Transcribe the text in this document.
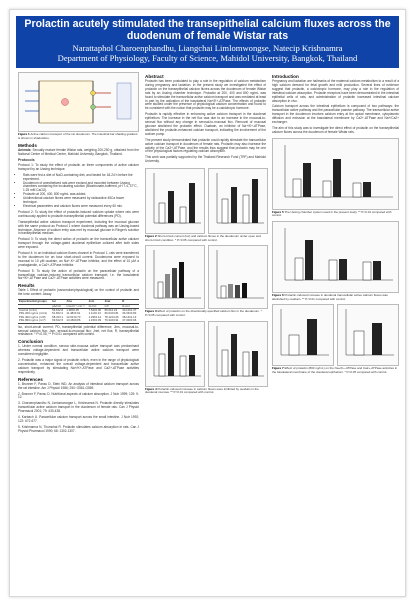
Prolactin acutely stimulated the transepithelial calcium fluxes across the duodenum of female Wistar rats
Narattaphol Charoenphandhu, Liangchai Limlomwongse, Natecip Krishnamra
Department of Physiology, Faculty of Science, Mahidol University, Bangkok, Thailand
Figure 1 Active calcium transport of the rat duodenum. The intestinal bar shading gradient is shown in shadowbox.
Methods

Animals: Sexually mature female Wistar rats, weighing 200-250 g, obtained from the National Center of Medical Centre, Mahidol University, Bangkok, Thailand.

Protocols

Protocol 1: To study the effect of prolactin on three components of active calcium transport by an Ussing technique.

• Rats were fed a diet of NaCl-containing diet, and fasted for 18-24 h before the experiment.
• Duodenum of anesthetized rats were excised and mounted between Ussing chambers containing the incubating solution (Bicarbonate-buffered, pH 7.4, 37°C, 1.25 mM CaCl2).
• Prolactin at 200, 400, 800 ng/mL was added.
• Unidirectional calcium fluxes were measured by radioactive 45Ca tracer technique.
• Electrical parameters and calcium fluxes were measured every 60 min.

Protocol 2: To study the effect of prolactin-induced calcium uptake where rats were continuously applied to prolactin transepithelial potential differences (PD).

Transepithelial active calcium transport experiment, including the mucosal glucose with the same protocol as Protocol 1 where duodenal pathway was an Ussing-based technique. Absence of sodium entry was met by mucosal glucose in Ringer's solution in transepithelial medium.

Protocol 3: To study the direct action of prolactin on the transcellular active calcium transport through the voltage-gated duodenal epithelium cultured after both sides were exposed.

Protocol 4: In an individual calcium fluxes channel in Protocol 1, rats were transferred to the duodenum for an hour short-circuit current. Duodenums were exposed to mucosal to 10 μM ouabain, an Na+-K+-ATPase inhibitor, and the effect of 10 μM a prostaglandin, a Ca2+-ATPase inhibitor.

Protocol 5: To study the action of prolactin on the paracellular pathway of a transcellular calcium-induced transcellular calcium transport, i.e. the basolateral Na+/K+-ATPase and Ca2+-ATPase activities were measured.

Results

Table 1 Effect of prolactin (nanomolar/physiological) on the control of prolactin and the ionic content. Assay

Experimental groups	Isc	Jms	Jsm	Jnet	R
	μA/cm²	nmol·h⁻¹·cm⁻²	Ω·cm²	mV	Ω·cm²
Control (n=11)	56.6±2.8	1.08±0.05	7.54±0.06	66.6±4.23	30.10±1.37
PRL 200 ng/mL (n=11)	51.8±2.2	11.48±0.61	1.11±0.13	66.64±3.81	36.34±0.83
PRL 400 ng/mL (n=8)	68.4±3.1	12.91±0.73	1.29±0.12	78.12±4.26	38.14±1.13
PRL 800 ng/mL (n=7)	69.6±2.5	13.48±0.86	1.15±0.09	79.34±3.91	37.30±0.96

Isc, short-circuit current; PD, transepithelial potential difference; Jms, mucosal-to-serosal calcium flux; Jsm, serosal-to-mucosal flux; Jnet, net flux; R, transepithelial resistance. * P<0.05, ** P<0.01 compared with control.

Conclusion

1. Under normal condition, serosa side-mucosa active transport was predominant whereas voltage-dependent and transcellular active calcium transport were considered negligible.

2. Prolactin was a major signal of prolactin which, even in the range of physiological concentration, enhanced the overall voltage-dependent and transcellular active calcium transport by stimulating Na+/K+-ATPase and Ca2+-ATPase activities respectively.

References

1. Bronner F, Pansu D, Stein WD. An analysis of intestinal calcium transport across the rat intestine. Am J Physiol 1986; 250: G561-G569.

2. Bronner F, Pansu D. Nutritional aspects of calcium absorption. J Nutr 1999; 129: 9-12.

3. Charoenphandhu N, Limlomwongse L, Krishnamra N. Prolactin directly stimulates transcellular active calcium transport in the duodenum of female rats. Can J Physiol Pharmacol 2001; 79: 430-438.

4. Karbach U. Paracellular calcium transport across the small intestine. J Nutr 1992; 122: 672-677.

5. Krishnamra N, Thumchai R. Prolactin stimulates calcium absorption in rats. Can J Physiol Pharmacol 1990; 68: 1302-1307.

Abstract

Prolactin has been postulated to play a role in the regulation of calcium metabolism during pregnancy and lactation. In the present study we investigated the effect of prolactin on the transepithelial calcium fluxes across the duodenum of female Wistar rats by an Ussing chamber technique. Prolactin at 200, 400 and 800 ng/mL was found to stimulate the transcellular active calcium transport and was mediated at least in part by the activation of the basolateral Na+/K+-ATPase. The effects of prolactin were studied under the presence of physiological calcium concentration and found to be consistent with the notion that prolactin may be a calciotropic hormone.

Prolactin is rapidly effective in enhancing active calcium transport in the duodenal epithelium. The increase in the net flux was due to an increase in the mucosal-to-serosal flux without any change in serosal-to-mucosal flux. Removal of mucosal glucose abolished the prolactin effect. Ouabain, an inhibitor of Na+/K+-ATPase, abolished the prolactin-enhanced calcium transport, indicating the involvement of the sodium pump.

The present study demonstrated that prolactin could rapidly stimulate the transcellular active calcium transport in duodenum of female rats. Prolactin may also increase the activity of the Ca2+-ATPase, and the results thus suggest that prolactin may be one of the physiological factors regulating calcium absorption.

This work was partially supported by the Thailand Research Fund (TRF) and Mahidol University.

Figure 2 Short-circuit current (Isc) and calcium fluxes in the duodenum under open and short-circuit condition. * P<0.05 compared with control.
Figure 3 Effect of prolactin on the directionally-specified calcium flux in the duodenum. * P<0.05 compared with control.
Figure 4 Prolactin-induced increase in calcium fluxes were inhibited by ouabain in the duodenal mucosa. ** P<0.01 compared with control.
Introduction

Pregnancy and lactation are hallmarks of the maternal calcium metabolism to a result of a high calcium demand for fetal growth and milk production. Several lines of evidence suggest that prolactin, a calciotropic hormone, may play a role in the regulation of intestinal calcium absorption. Prolactin receptors have been demonstrated in the intestinal epithelial cells of rats, and administration of prolactin increased intestinal calcium absorption in vivo.

Calcium transport across the intestinal epithelium is composed of two pathways: the transcellular active pathway and the paracellular passive pathway. The transcellular active transport in the duodenum involves calcium entry at the apical membrane, cytoplasmic diffusion and extrusion at the basolateral membrane by Ca2+-ATPase and Na+/Ca2+ exchanger.

The aim of this study was to investigate the direct effect of prolactin on the transepithelial calcium fluxes across the duodenum of female Wistar rats.

Figure 5 The Ussing chamber system used in the present study. ** P<0.01 compared with control.
Figure 6 Prolactin-induced increase in duodenal transcellular active calcium fluxes was abolished by ouabain. ** P<0.01 compared with control.
Figure 7 Effect of prolactin (800 ng/mL) on the Na+/K+-ATPase and Ca2+-ATPase activities in the basolateral membrane of the duodenal epithelium. * P<0.05 compared with control.
